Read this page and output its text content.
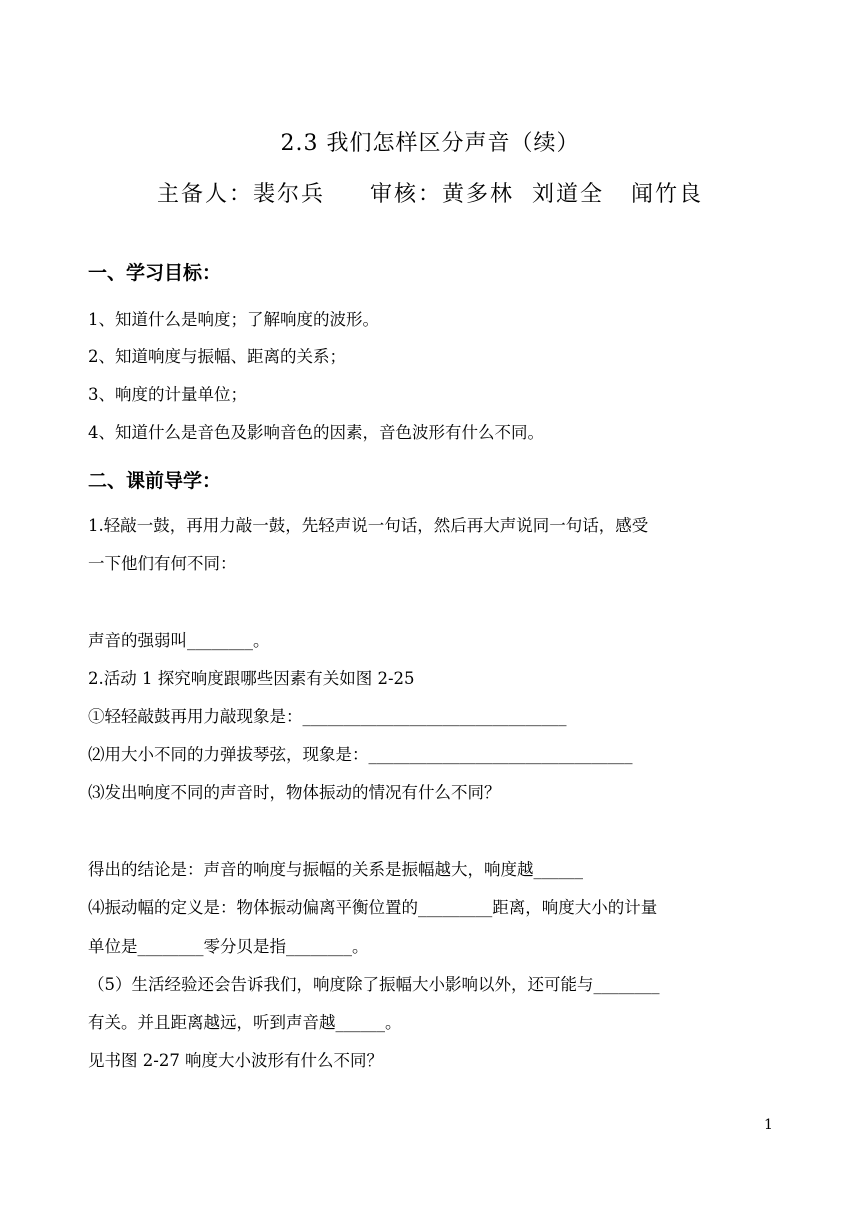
2.3 我们怎样区分声音（续）
主备人：裴尔兵     审核：黄多林  刘道全   闻竹良
一、学习目标：
1、知道什么是响度；了解响度的波形。
2、知道响度与振幅、距离的关系；
3、响度的计量单位；
4、知道什么是音色及影响音色的因素，音色波形有什么不同。
二、课前导学：
1.轻敲一鼓，再用力敲一鼓，先轻声说一句话，然后再大声说同一句话，感受
一下他们有何不同：
声音的强弱叫________。
2.活动 1 探究响度跟哪些因素有关如图 2-25
①轻轻敲鼓再用力敲现象是：________________________________
⑵用大小不同的力弹拔琴弦，现象是：________________________________
⑶发出响度不同的声音时，物体振动的情况有什么不同？
得出的结论是：声音的响度与振幅的关系是振幅越大，响度越______
⑷振动幅的定义是：物体振动偏离平衡位置的_________距离，响度大小的计量
单位是________零分贝是指________。
（5）生活经验还会告诉我们，响度除了振幅大小影响以外，还可能与________
有关。并且距离越远，听到声音越______。
见书图 2-27 响度大小波形有什么不同？
1
